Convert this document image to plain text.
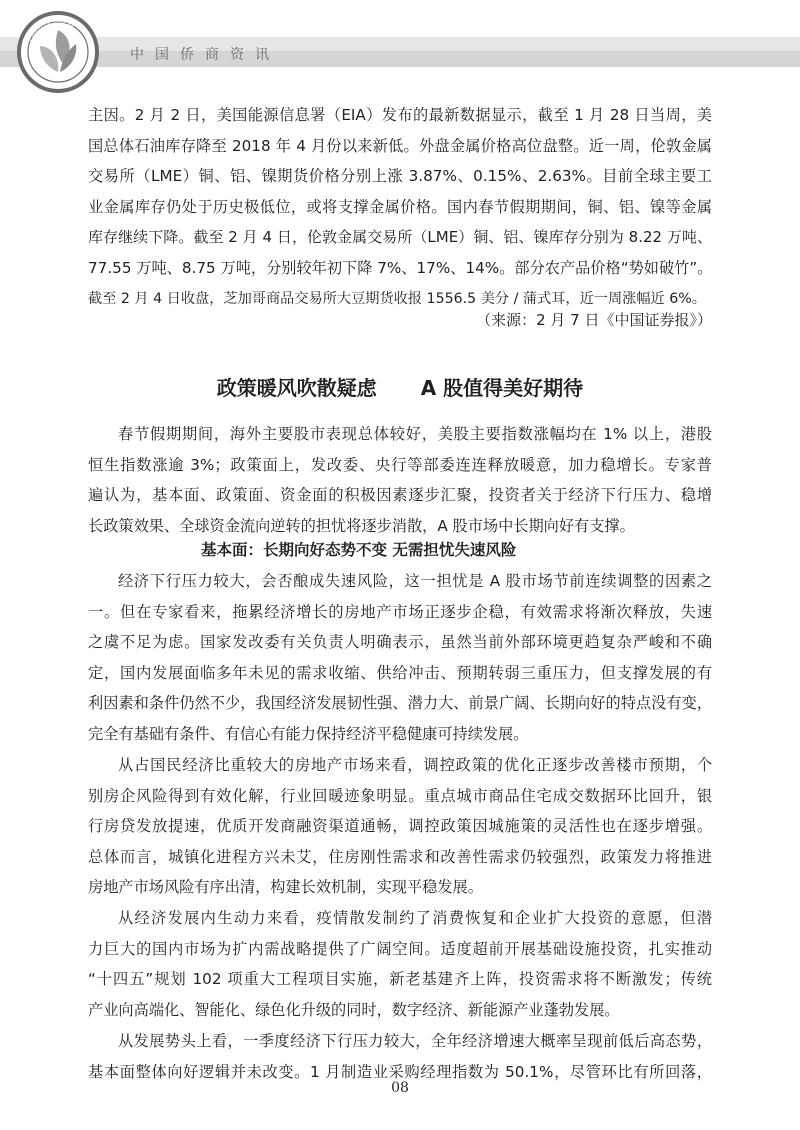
中国侨商资讯
中国侨商联合会
主因。2 月 2 日，美国能源信息署（EIA）发布的最新数据显示，截至 1 月 28 日当周，美
国总体石油库存降至 2018 年 4 月份以来新低。外盘金属价格高位盘整。近一周，伦敦金属
交易所（LME）铜、铝、镍期货价格分别上涨 3.87%、0.15%、2.63%。目前全球主要工
业金属库存仍处于历史极低位，或将支撑金属价格。国内春节假期期间，铜、铝、镍等金属
库存继续下降。截至 2 月 4 日，伦敦金属交易所（LME）铜、铝、镍库存分别为 8.22 万吨、
77.55 万吨、8.75 万吨，分别较年初下降 7%、17%、14%。部分农产品价格“势如破竹”。
截至 2 月 4 日收盘，芝加哥商品交易所大豆期货收报 1556.5 美分 / 蒲式耳，近一周涨幅近 6%。
（来源：2 月 7 日《中国证券报》）
政策暖风吹散疑虑 A 股值得美好期待
春节假期期间，海外主要股市表现总体较好，美股主要指数涨幅均在 1% 以上，港股
恒生指数涨逾 3%；政策面上，发改委、央行等部委连连释放暖意，加力稳增长。专家普
遍认为，基本面、政策面、资金面的积极因素逐步汇聚，投资者关于经济下行压力、稳增
长政策效果、全球资金流向逆转的担忧将逐步消散，A 股市场中长期向好有支撑。
基本面：长期向好态势不变 无需担忧失速风险
经济下行压力较大，会否酿成失速风险，这一担忧是 A 股市场节前连续调整的因素之
一。但在专家看来，拖累经济增长的房地产市场正逐步企稳，有效需求将渐次释放，失速
之虞不足为虑。国家发改委有关负责人明确表示，虽然当前外部环境更趋复杂严峻和不确
定，国内发展面临多年未见的需求收缩、供给冲击、预期转弱三重压力，但支撑发展的有
利因素和条件仍然不少，我国经济发展韧性强、潜力大、前景广阔、长期向好的特点没有变，
完全有基础有条件、有信心有能力保持经济平稳健康可持续发展。
从占国民经济比重较大的房地产市场来看，调控政策的优化正逐步改善楼市预期，个
别房企风险得到有效化解，行业回暖迹象明显。重点城市商品住宅成交数据环比回升，银
行房贷发放提速，优质开发商融资渠道通畅，调控政策因城施策的灵活性也在逐步增强。
总体而言，城镇化进程方兴未艾，住房刚性需求和改善性需求仍较强烈，政策发力将推进
房地产市场风险有序出清，构建长效机制，实现平稳发展。
从经济发展内生动力来看，疫情散发制约了消费恢复和企业扩大投资的意愿，但潜
力巨大的国内市场为扩内需战略提供了广阔空间。适度超前开展基础设施投资，扎实推动
“十四五”规划 102 项重大工程项目实施，新老基建齐上阵，投资需求将不断激发；传统
产业向高端化、智能化、绿色化升级的同时，数字经济、新能源产业蓬勃发展。
从发展势头上看，一季度经济下行压力较大，全年经济增速大概率呈现前低后高态势，
基本面整体向好逻辑并未改变。1 月制造业采购经理指数为 50.1%，尽管环比有所回落，
08
